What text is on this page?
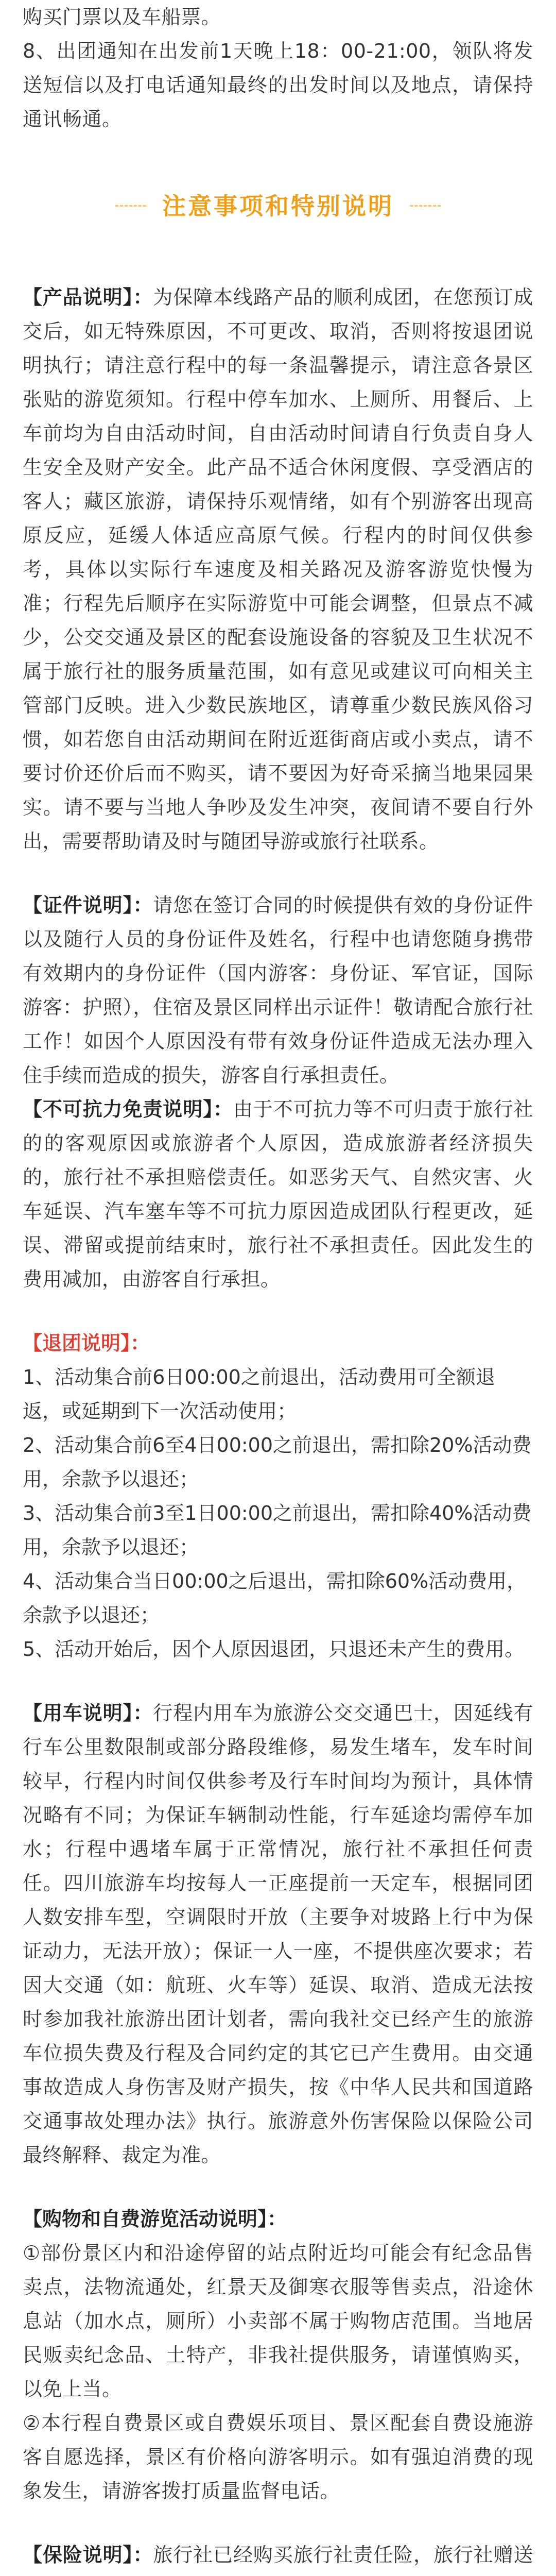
购买门票以及车船票。

8、出团通知在出发前1天晚上18：00-21:00，领队将发送短信以及打电话通知最终的出发时间以及地点，请保持通讯畅通。

注意事项和特别说明

【产品说明】：为保障本线路产品的顺利成团，在您预订成交后，如无特殊原因，不可更改、取消，否则将按退团说明执行；请注意行程中的每一条温馨提示，请注意各景区张贴的游览须知。行程中停车加水、上厕所、用餐后、上车前均为自由活动时间，自由活动时间请自行负责自身人生安全及财产安全。此产品不适合休闲度假、享受酒店的客人；藏区旅游，请保持乐观情绪，如有个别游客出现高原反应，延缓人体适应高原气候。行程内的时间仅供参考，具体以实际行车速度及相关路况及游客游览快慢为准；行程先后顺序在实际游览中可能会调整，但景点不减少，公交交通及景区的配套设施设备的容貌及卫生状况不属于旅行社的服务质量范围，如有意见或建议可向相关主管部门反映。进入少数民族地区，请尊重少数民族风俗习惯，如若您自由活动期间在附近逛街商店或小卖点，请不要讨价还价后而不购买，请不要因为好奇采摘当地果园果实。请不要与当地人争吵及发生冲突，夜间请不要自行外出，需要帮助请及时与随团导游或旅行社联系。

【证件说明】：请您在签订合同的时候提供有效的身份证件以及随行人员的身份证件及姓名，行程中也请您随身携带有效期内的身份证件（国内游客：身份证、军官证，国际游客：护照），住宿及景区同样出示证件！敬请配合旅行社工作！如因个人原因没有带有效身份证件造成无法办理入住手续而造成的损失，游客自行承担责任。

【不可抗力免责说明】：由于不可抗力等不可归责于旅行社的的客观原因或旅游者个人原因，造成旅游者经济损失的，旅行社不承担赔偿责任。如恶劣天气、自然灾害、火车延误、汽车塞车等不可抗力原因造成团队行程更改，延误、滞留或提前结束时，旅行社不承担责任。因此发生的费用减加，由游客自行承担。

【退团说明】：

1、活动集合前6日00:00之前退出，活动费用可全额退返，或延期到下一次活动使用；

2、活动集合前6至4日00:00之前退出，需扣除20%活动费用，余款予以退还；

3、活动集合前3至1日00:00之前退出，需扣除40%活动费用，余款予以退还；

4、活动集合当日00:00之后退出，需扣除60%活动费用，余款予以退还；

5、活动开始后，因个人原因退团，只退还未产生的费用。

【用车说明】：行程内用车为旅游公交交通巴士，因延线有行车公里数限制或部分路段维修，易发生堵车，发车时间较早，行程内时间仅供参考及行车时间均为预计，具体情况略有不同；为保证车辆制动性能，行车延途均需停车加水；行程中遇堵车属于正常情况，旅行社不承担任何责任。四川旅游车均按每人一正座提前一天定车，根据同团人数安排车型，空调限时开放（主要争对坡路上行中为保证动力，无法开放）；保证一人一座，不提供座次要求；若因大交通（如：航班、火车等）延误、取消、造成无法按时参加我社旅游出团计划者，需向我社交已经产生的旅游车位损失费及行程及合同约定的其它已产生费用。由交通事故造成人身伤害及财产损失，按《中华人民共和国道路交通事故处理办法》执行。旅游意外伤害保险以保险公司最终解释、裁定为准。

【购物和自费游览活动说明】：

①部份景区内和沿途停留的站点附近均可能会有纪念品售卖点，法物流通处，红景天及御寒衣服等售卖点，沿途休息站（加水点，厕所）小卖部不属于购物店范围。当地居民贩卖纪念品、土特产，非我社提供服务，请谨慎购买，以免上当。

②本行程自费景区或自费娱乐项目、景区配套自费设施游客自愿选择，景区有价格向游客明示。如有强迫消费的现象发生，请游客拨打质量监督电话。

【保险说明】：旅行社已经购买旅行社责任险，旅行社赠送
